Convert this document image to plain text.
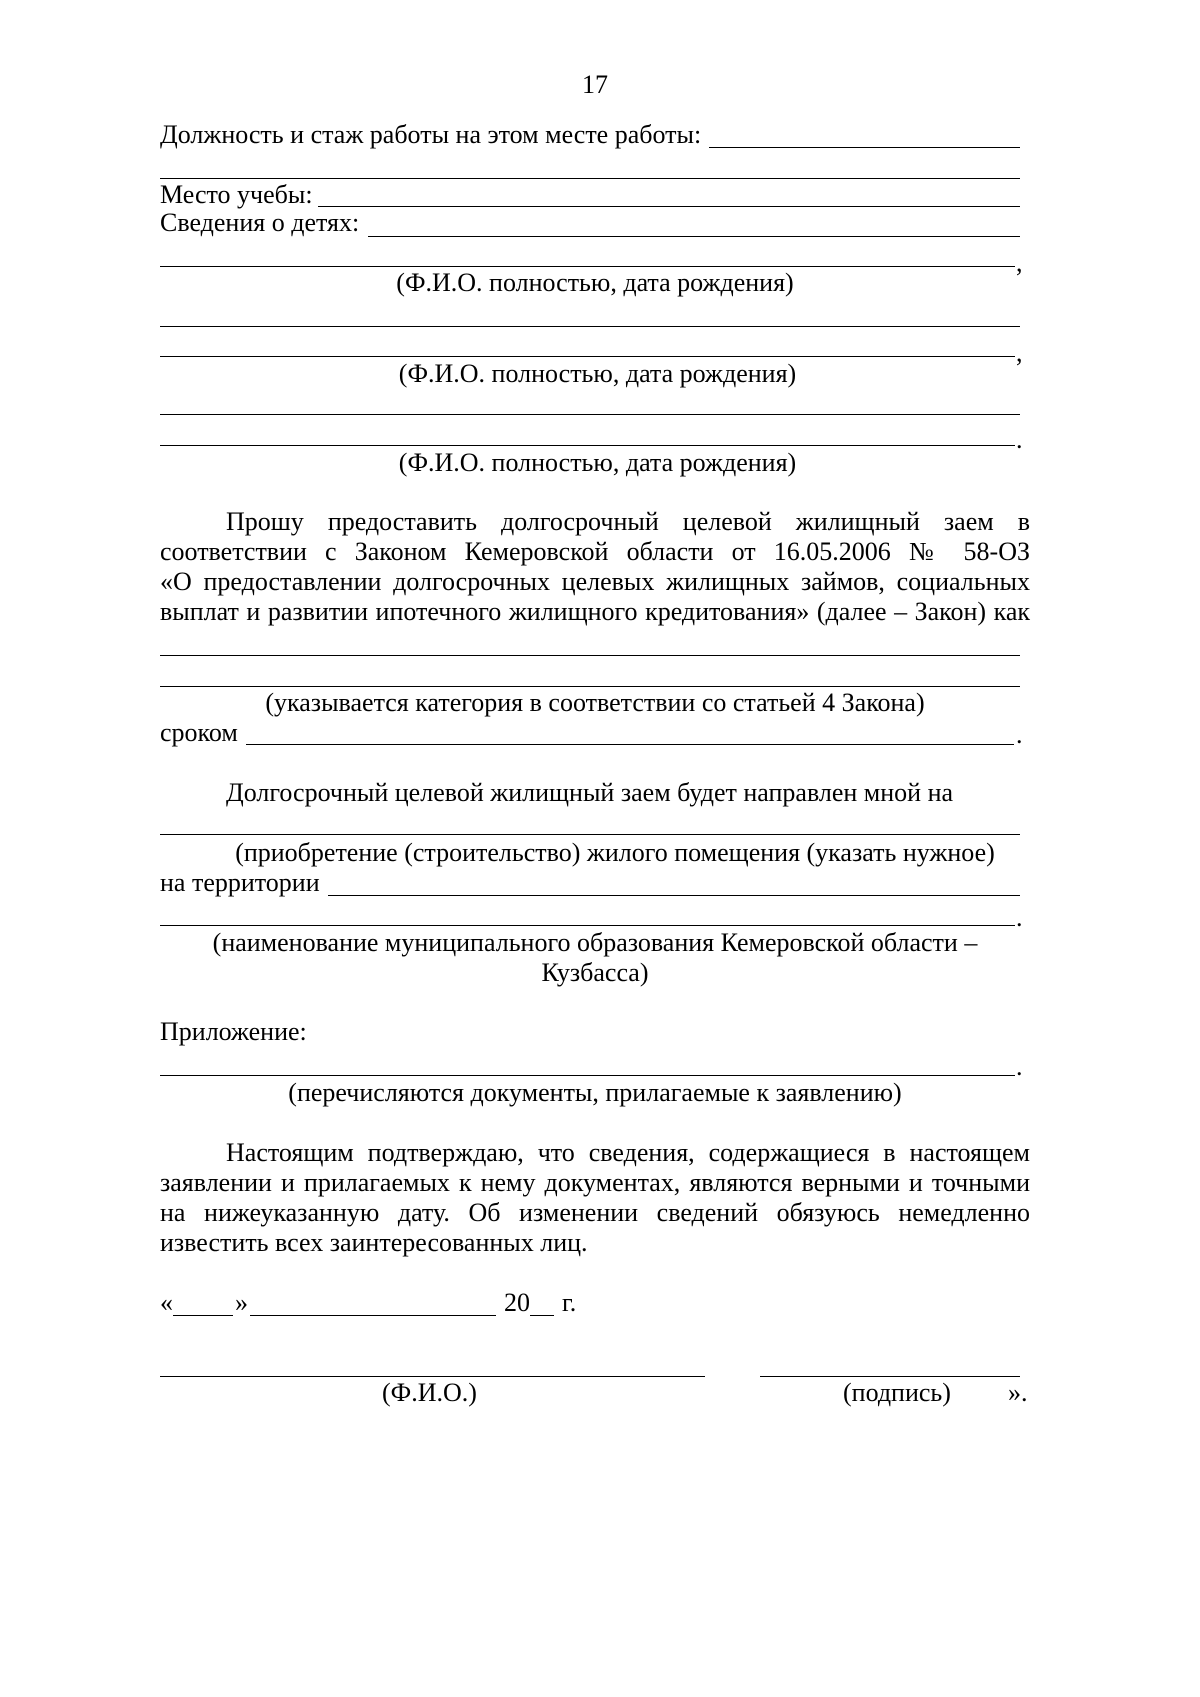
17
Должность и стаж работы на этом месте работы:
Место учебы:
Сведения о детях:
,
(Ф.И.О. полностью, дата рождения)
,
(Ф.И.О. полностью, дата рождения)
.
(Ф.И.О. полностью, дата рождения)
Прошу предоставить долгосрочный целевой жилищный заем в
соответствии с Законом Кемеровской области от 16.05.2006 № 58-ОЗ
«О предоставлении долгосрочных целевых жилищных займов, социальных
выплат и развитии ипотечного жилищного кредитования» (далее – Закон) как
(указывается категория в соответствии со статьей 4 Закона)
сроком	.
Долгосрочный целевой жилищный заем будет направлен мной на
(приобретение (строительство) жилого помещения (указать нужное)
на территории
.
(наименование муниципального образования Кемеровской области –
Кузбасса)
Приложение:
.
(перечисляются документы, прилагаемые к заявлению)
Настоящим подтверждаю, что сведения, содержащиеся в настоящем
заявлении и прилагаемых к нему документах, являются верными и точными
на нижеуказанную дату. Об изменении сведений обязуюсь немедленно
известить всех заинтересованных лиц.
« »	20 г.
(Ф.И.О.)	(подпись) ».
